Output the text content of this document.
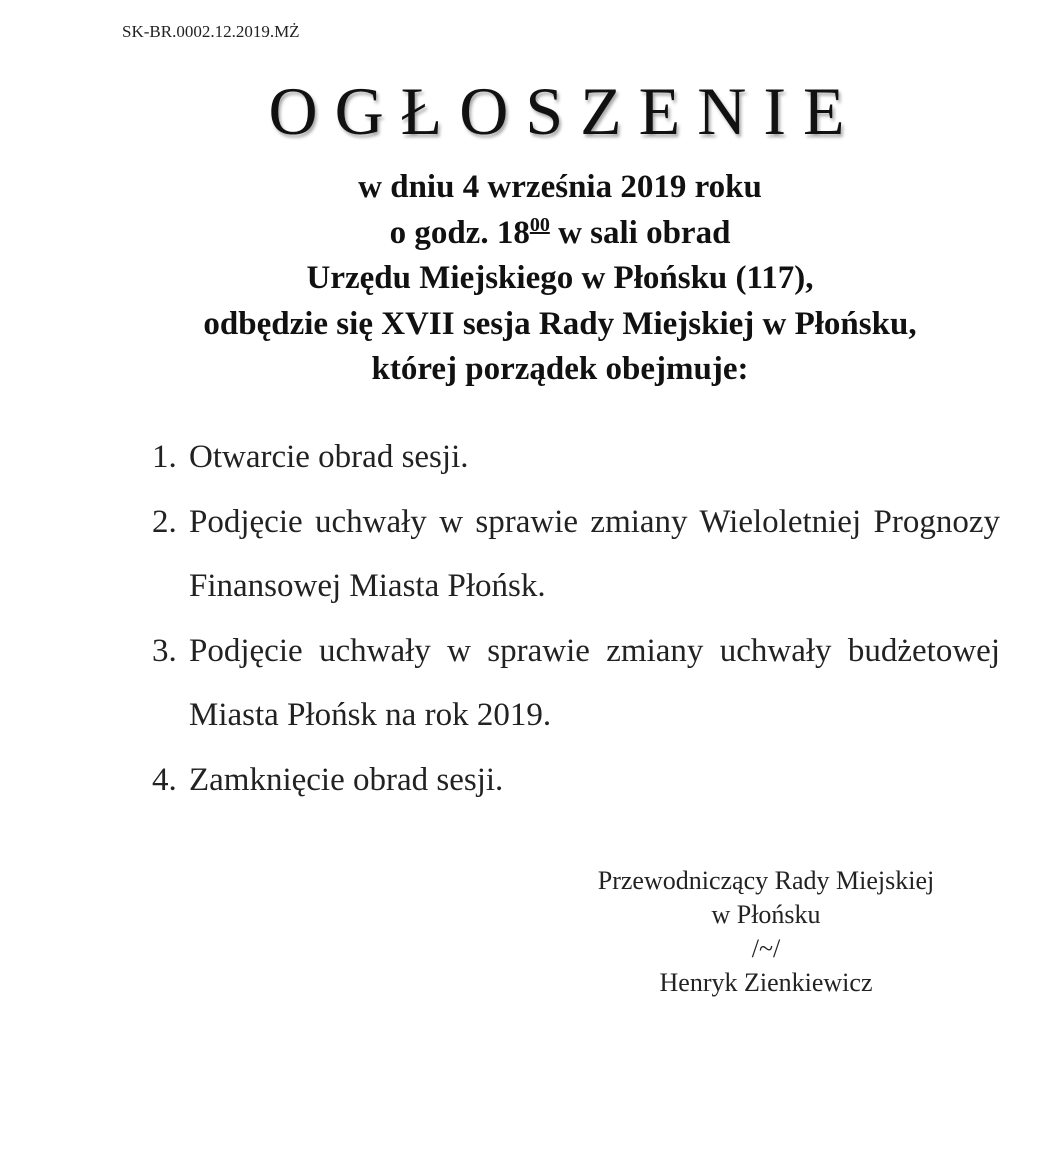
SK-BR.0002.12.2019.MŻ
OGŁOSZENIE
w dniu 4 września 2019 roku
o godz. $18^{00}$ w sali obrad
Urzędu Miejskiego w Płońsku (117),
odbędzie się XVII sesja Rady Miejskiej w Płońsku,
której porządek obejmuje:
1. Otwarcie obrad sesji.
2. Podjęcie uchwały w sprawie zmiany Wieloletniej Prognozy Finansowej Miasta Płońsk.
3. Podjęcie uchwały w sprawie zmiany uchwały budżetowej Miasta Płońsk na rok 2019.
4. Zamknięcie obrad sesji.
Przewodniczący Rady Miejskiej
w Płońsku
/~/
Henryk Zienkiewicz
